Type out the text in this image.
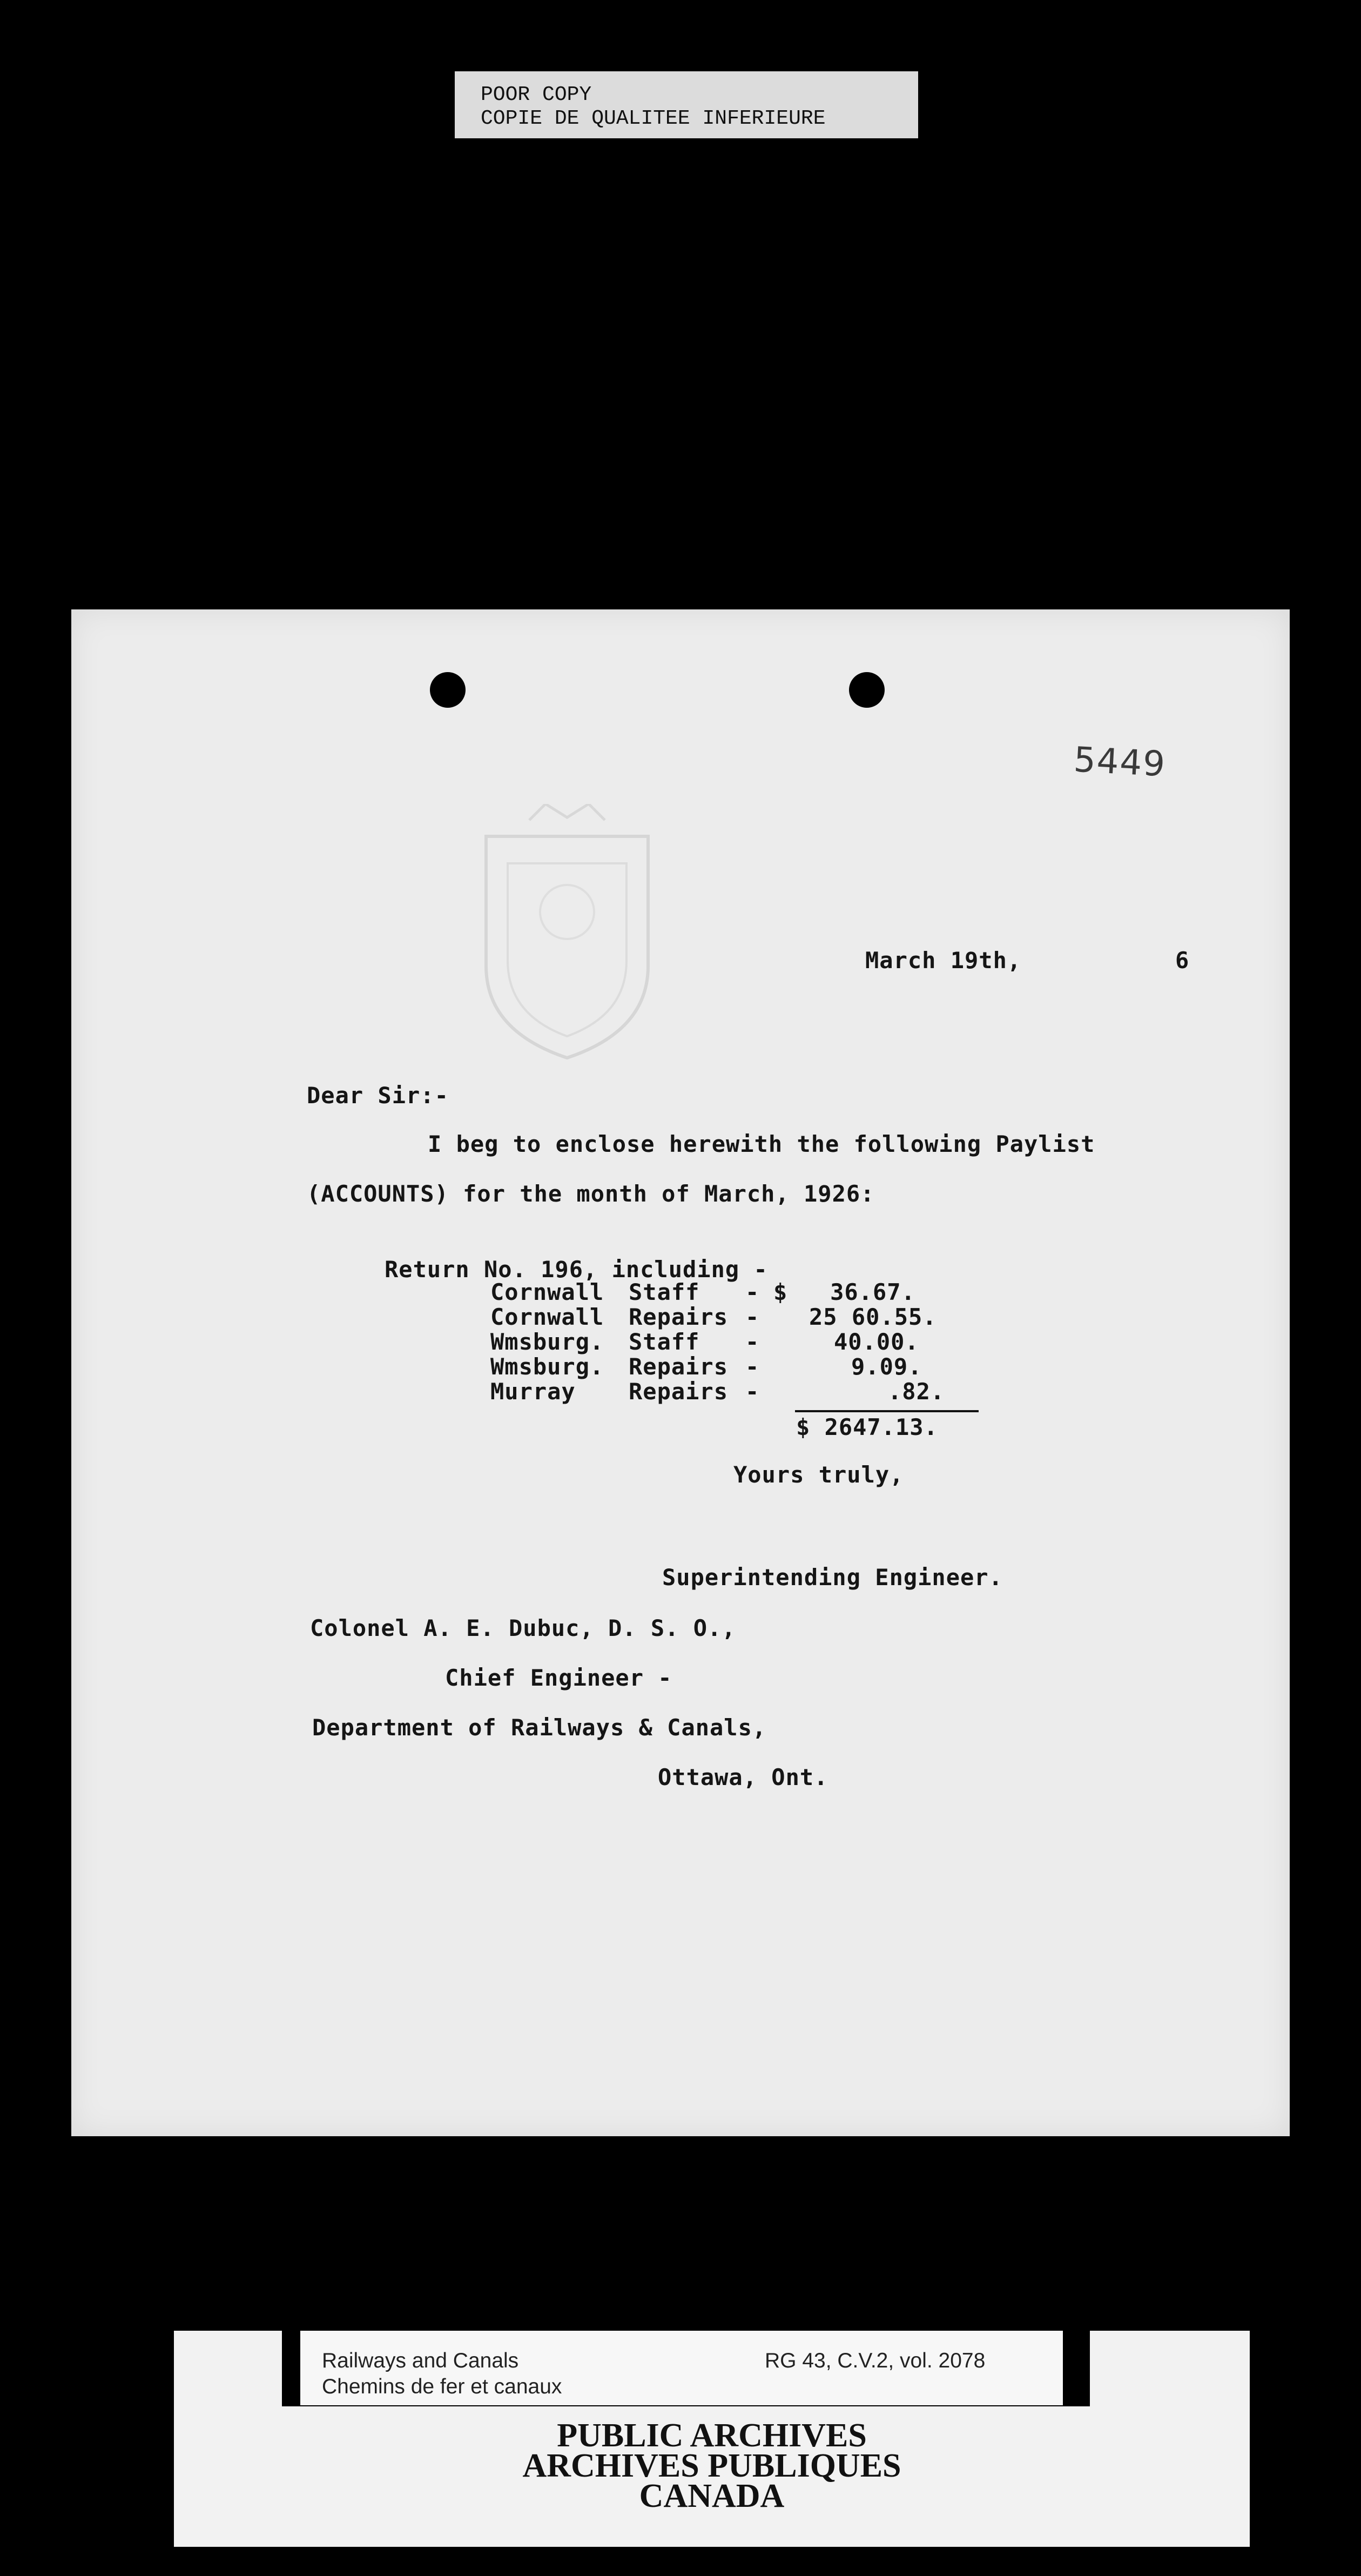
POOR COPY
COPIE DE QUALITEE INFERIEURE
5449
March 19th,	6
Dear Sir:-
I beg to enclose herewith the following Paylist
(ACCOUNTS) for the month of March, 1926:
Return No. 196, including -
Cornwall Staff - $   36.67.
Cornwall Repairs - 25 60.55.
Wmsburg. Staff -	40.00.
Wmsburg. Repairs -	9.09.
Murray Repairs -	.82.
$ 2647.13.
Yours truly,
Superintending Engineer.
Colonel A. E. Dubuc, D. S. O.,
Chief Engineer -
Department of Railways & Canals,
Ottawa, Ont.
Railways and Canals
Chemins de fer et canaux
RG 43, C.V.2, vol. 2078
PUBLIC ARCHIVES
ARCHIVES PUBLIQUES
CANADA
